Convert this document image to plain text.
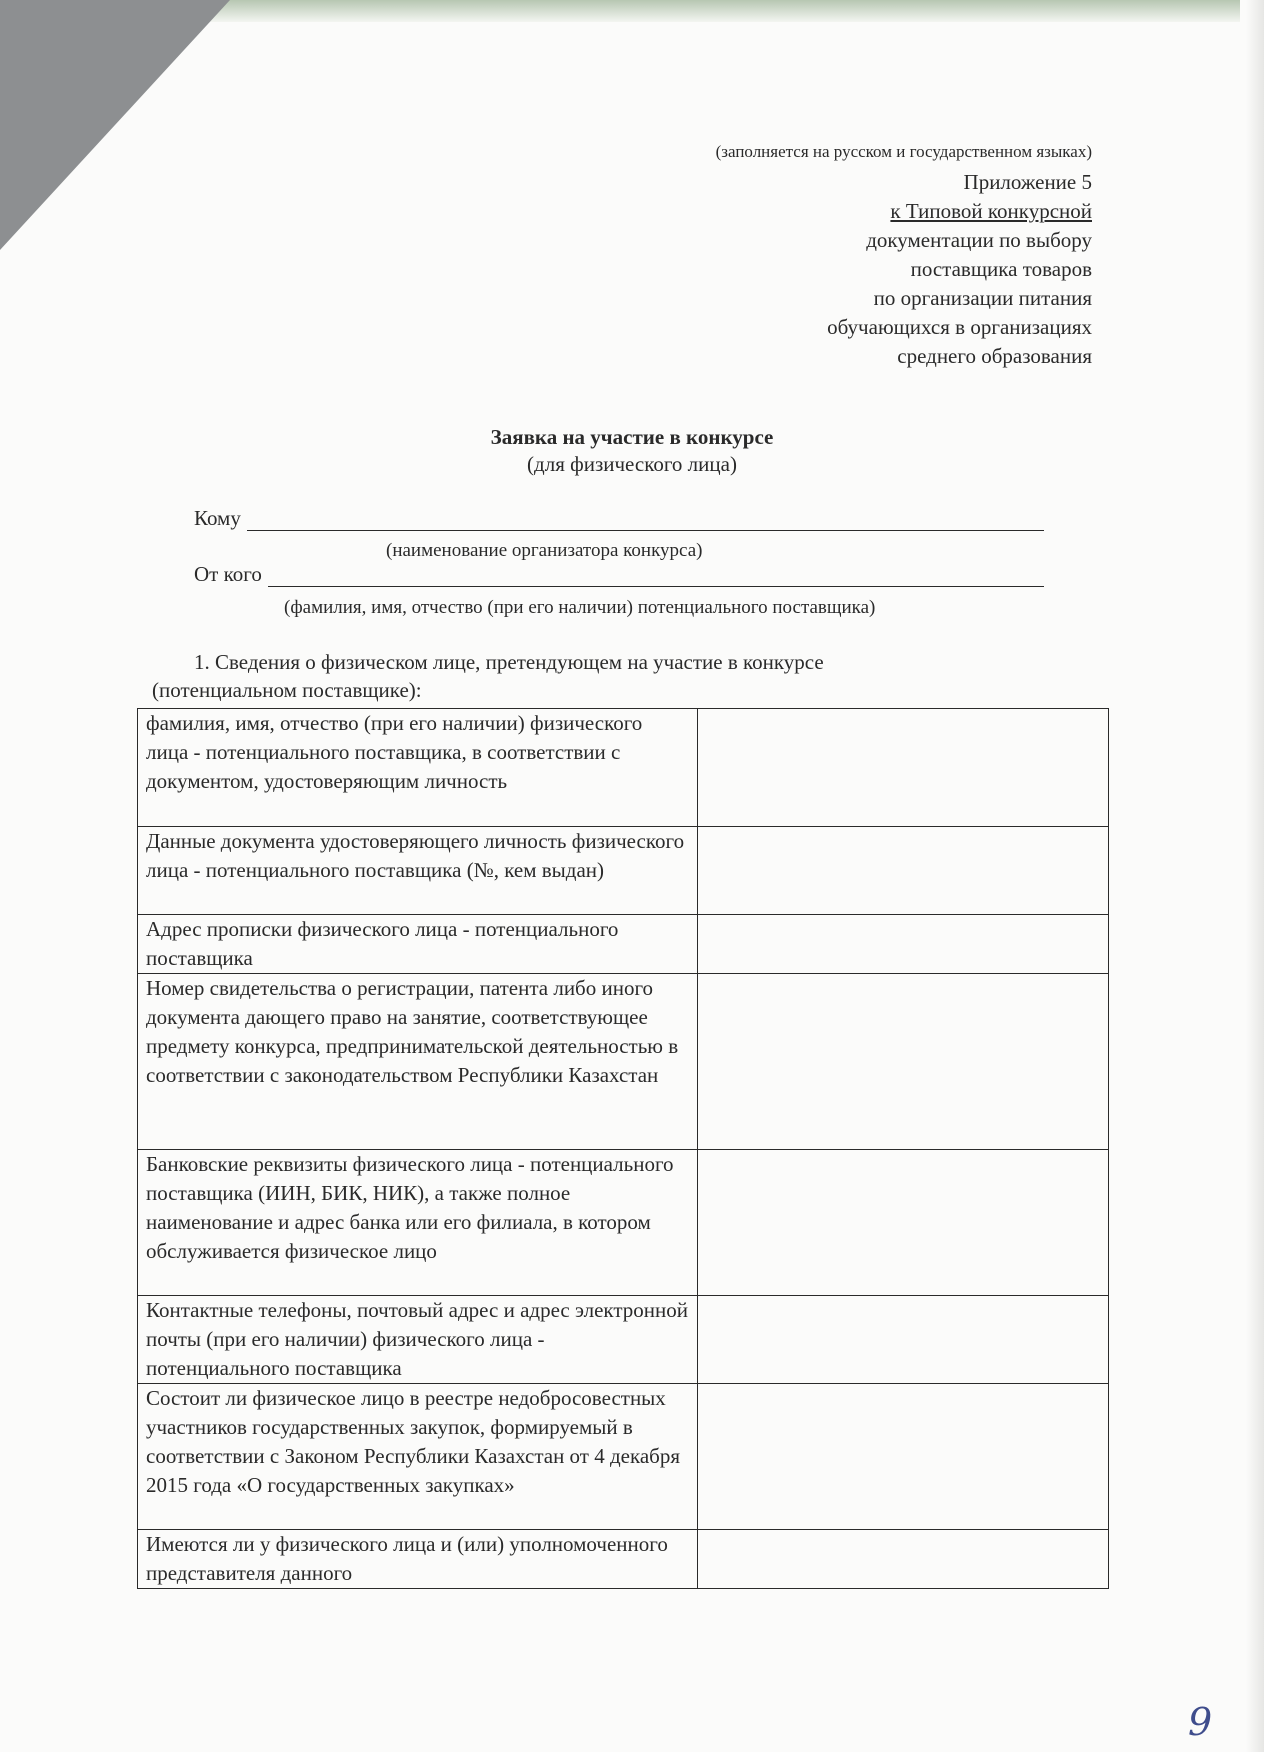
(заполняется на русском и государственном языках)
Приложение 5
к Типовой конкурсной
документации по выбору
поставщика товаров
по организации питания
обучающихся в организациях
среднего образования
Заявка на участие в конкурсе
(для физического лица)
Кому
(наименование организатора конкурса)
От кого
(фамилия, имя, отчество (при его наличии) потенциального поставщика)
1. Сведения о физическом лице, претендующем на участие в конкурсе
(потенциальном поставщике):
фамилия, имя, отчество (при его наличии) физического лица - потенциального поставщика, в соответствии с документом, удостоверяющим личность	
Данные документа удостоверяющего личность физического лица - потенциального поставщика (№, кем выдан)	
Адрес прописки физического лица - потенциального поставщика	
Номер свидетельства о регистрации, патента либо иного документа дающего право на занятие, соответствующее предмету конкурса, предпринимательской деятельностью в соответствии с законодательством Республики Казахстан	
Банковские реквизиты физического лица - потенциального поставщика (ИИН, БИК, НИК), а также полное наименование и адрес банка или его филиала, в котором обслуживается физическое лицо	
Контактные телефоны, почтовый адрес и адрес электронной почты (при его наличии) физического лица - потенциального поставщика	
Состоит ли физическое лицо в реестре недобросовестных участников государственных закупок, формируемый в соответствии с Законом Республики Казахстан от 4 декабря 2015 года «О государственных закупках»	
Имеются ли у физического лица и (или) уполномоченного представителя данного	
9
